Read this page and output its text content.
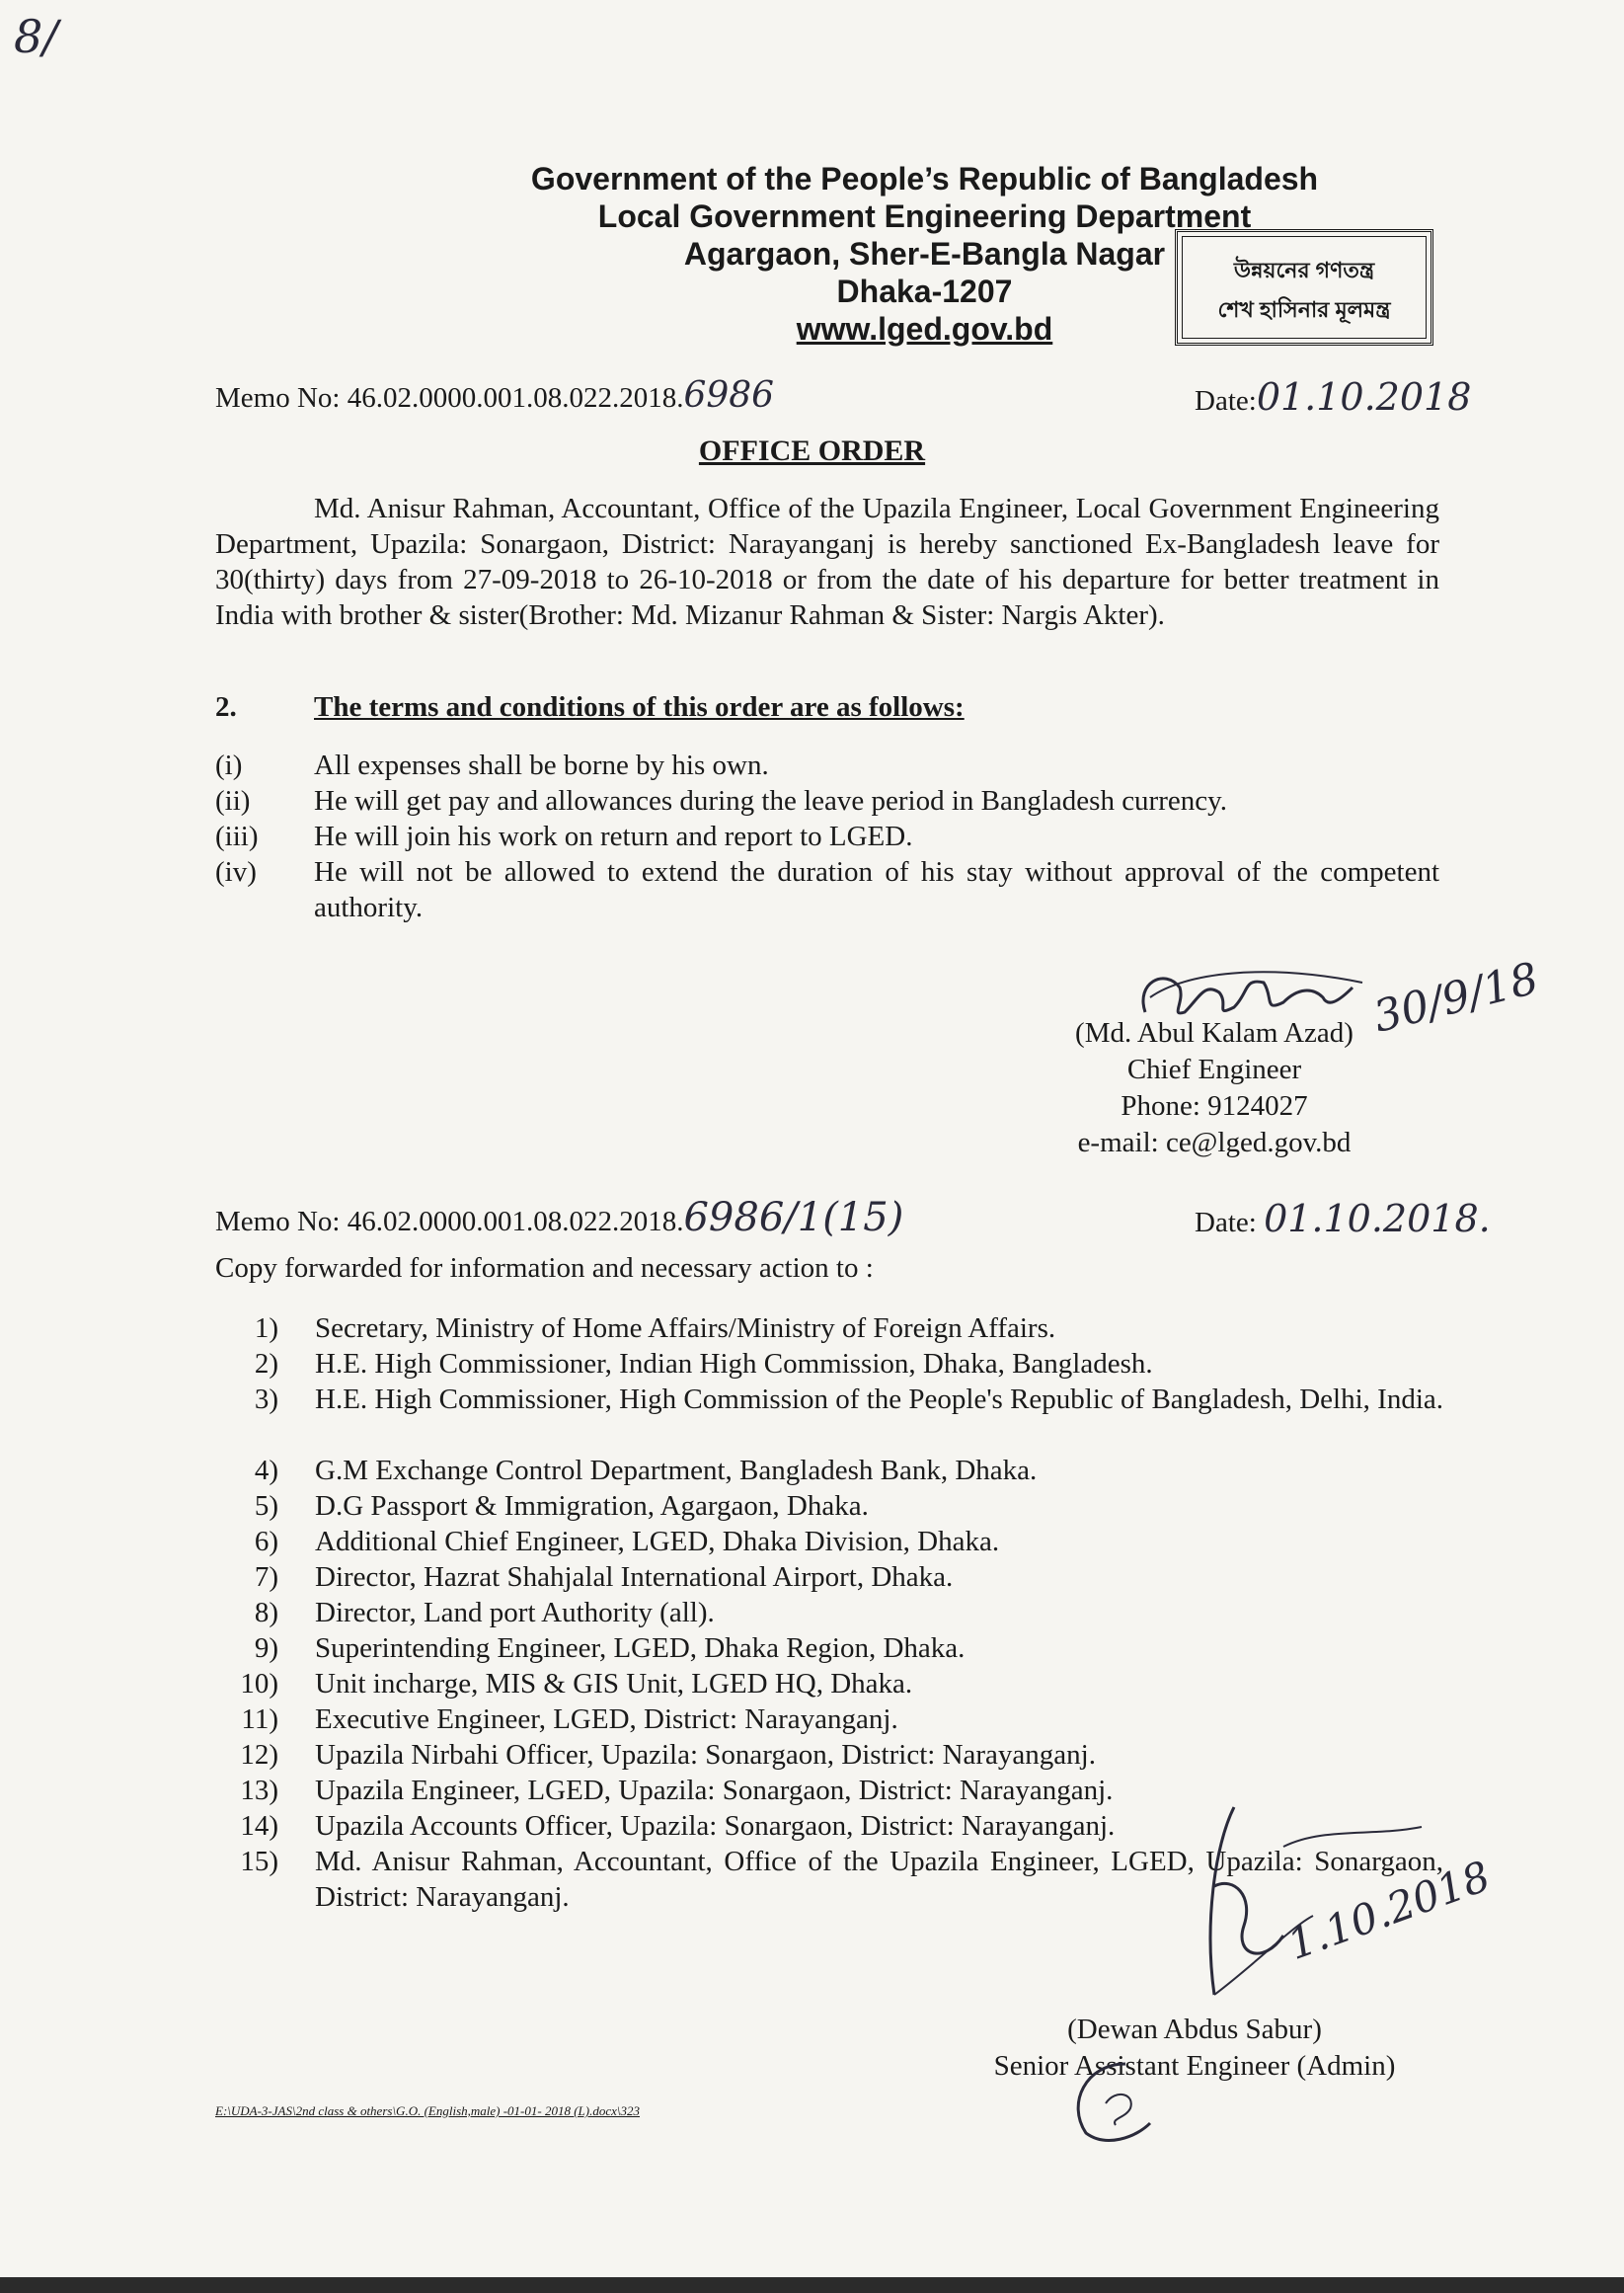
8/
Government of the People’s Republic of Bangladesh
Local Government Engineering Department
Agargaon, Sher-E-Bangla Nagar
Dhaka-1207
www.lged.gov.bd
উন্নয়নের গণতন্ত্র
শেখ হাসিনার মূলমন্ত্র
Memo No: 46.02.0000.001.08.022.2018.6986	Date:01.10.2018
OFFICE ORDER
Md. Anisur Rahman, Accountant, Office of the Upazila Engineer, Local Government Engineering Department, Upazila: Sonargaon, District: Narayanganj is hereby sanctioned Ex-Bangladesh leave for 30(thirty) days from 27-09-2018 to 26-10-2018 or from the date of his departure for better treatment in India with brother & sister(Brother: Md. Mizanur Rahman & Sister: Nargis Akter).
2.	The terms and conditions of this order are as follows:
(i)	All expenses shall be borne by his own.
(ii)	He will get pay and allowances during the leave period in Bangladesh currency.
(iii)	He will join his work on return and report to LGED.
(iv)	He will not be allowed to extend the duration of his stay without approval of the competent authority.
30/9/18
(Md. Abul Kalam Azad)
Chief Engineer
Phone: 9124027
e-mail: ce@lged.gov.bd
Memo No: 46.02.0000.001.08.022.2018.6986/1(15)	Date: 01.10.2018.
Copy forwarded for information and necessary action to :
1) Secretary, Ministry of Home Affairs/Ministry of Foreign Affairs.
2) H.E. High Commissioner, Indian High Commission, Dhaka, Bangladesh.
3) H.E. High Commissioner, High Commission of the People's Republic of Bangladesh, Delhi, India.
4) G.M Exchange Control Department, Bangladesh Bank, Dhaka.
5) D.G Passport & Immigration, Agargaon, Dhaka.
6) Additional Chief Engineer, LGED, Dhaka Division, Dhaka.
7) Director, Hazrat Shahjalal International Airport, Dhaka.
8) Director, Land port Authority (all).
9) Superintending Engineer, LGED, Dhaka Region, Dhaka.
10) Unit incharge, MIS & GIS Unit, LGED HQ, Dhaka.
11) Executive Engineer, LGED, District: Narayanganj.
12) Upazila Nirbahi Officer, Upazila: Sonargaon, District: Narayanganj.
13) Upazila Engineer, LGED, Upazila: Sonargaon, District: Narayanganj.
14) Upazila Accounts Officer, Upazila: Sonargaon, District: Narayanganj.
15) Md. Anisur Rahman, Accountant, Office of the Upazila Engineer, LGED, Upazila: Sonargaon, District: Narayanganj.	1.10.2018
(Dewan Abdus Sabur)
Senior Assistant Engineer (Admin)
E:\UDA-3-JAS\2nd class & others\G.O. (English,male) -01-01- 2018 (L).docx\323
